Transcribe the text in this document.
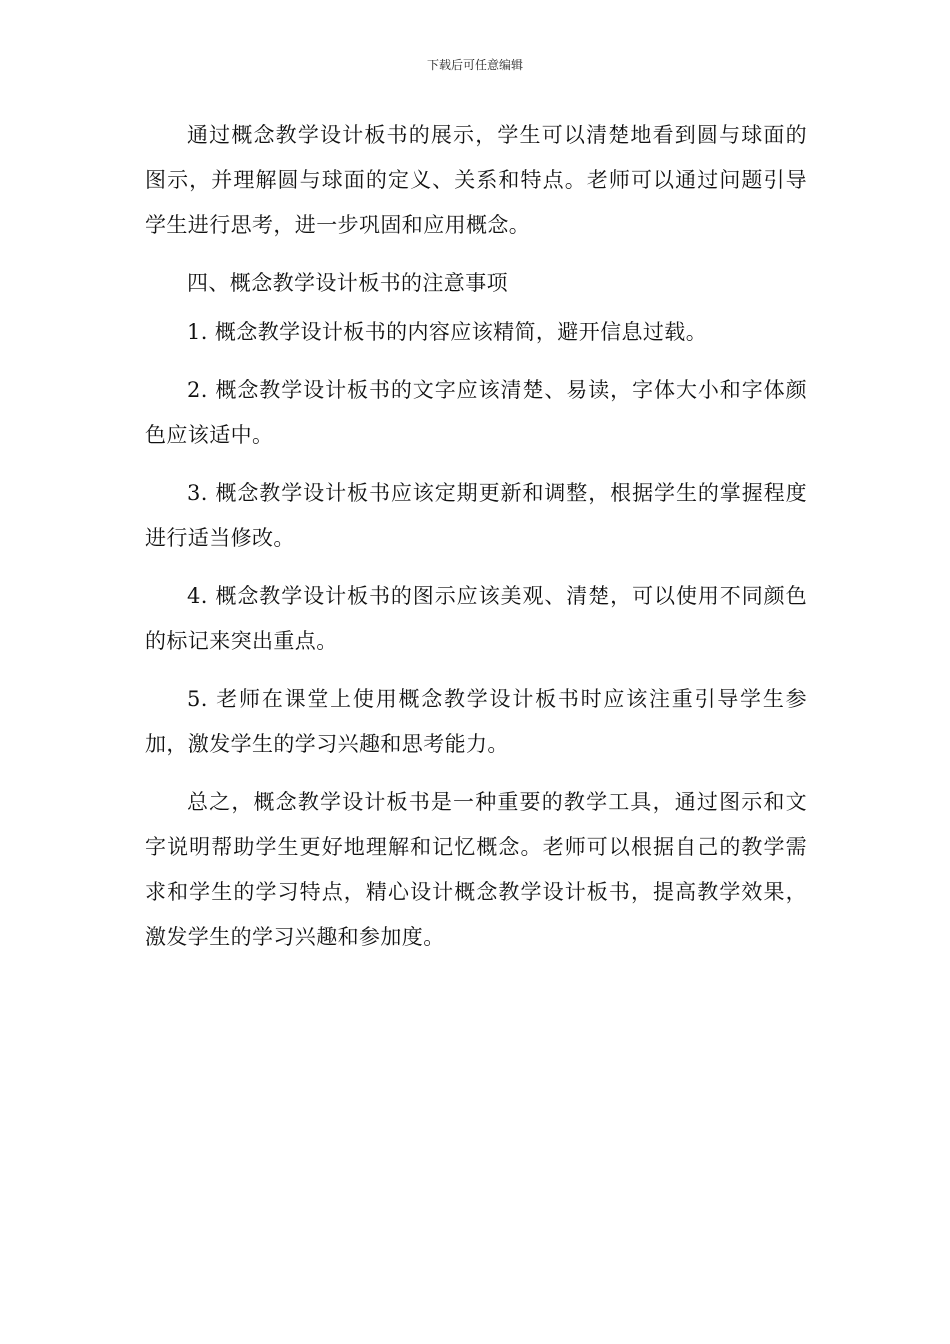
下载后可任意编辑

通过概念教学设计板书的展示，学生可以清楚地看到圆与球面的图示，并理解圆与球面的定义、关系和特点。老师可以通过问题引导学生进行思考，进一步巩固和应用概念。

四、概念教学设计板书的注意事项

1. 概念教学设计板书的内容应该精简，避开信息过载。

2. 概念教学设计板书的文字应该清楚、易读，字体大小和字体颜色应该适中。

3. 概念教学设计板书应该定期更新和调整，根据学生的掌握程度进行适当修改。

4. 概念教学设计板书的图示应该美观、清楚，可以使用不同颜色的标记来突出重点。

5. 老师在课堂上使用概念教学设计板书时应该注重引导学生参加，激发学生的学习兴趣和思考能力。

总之，概念教学设计板书是一种重要的教学工具，通过图示和文字说明帮助学生更好地理解和记忆概念。老师可以根据自己的教学需求和学生的学习特点，精心设计概念教学设计板书，提高教学效果，激发学生的学习兴趣和参加度。
